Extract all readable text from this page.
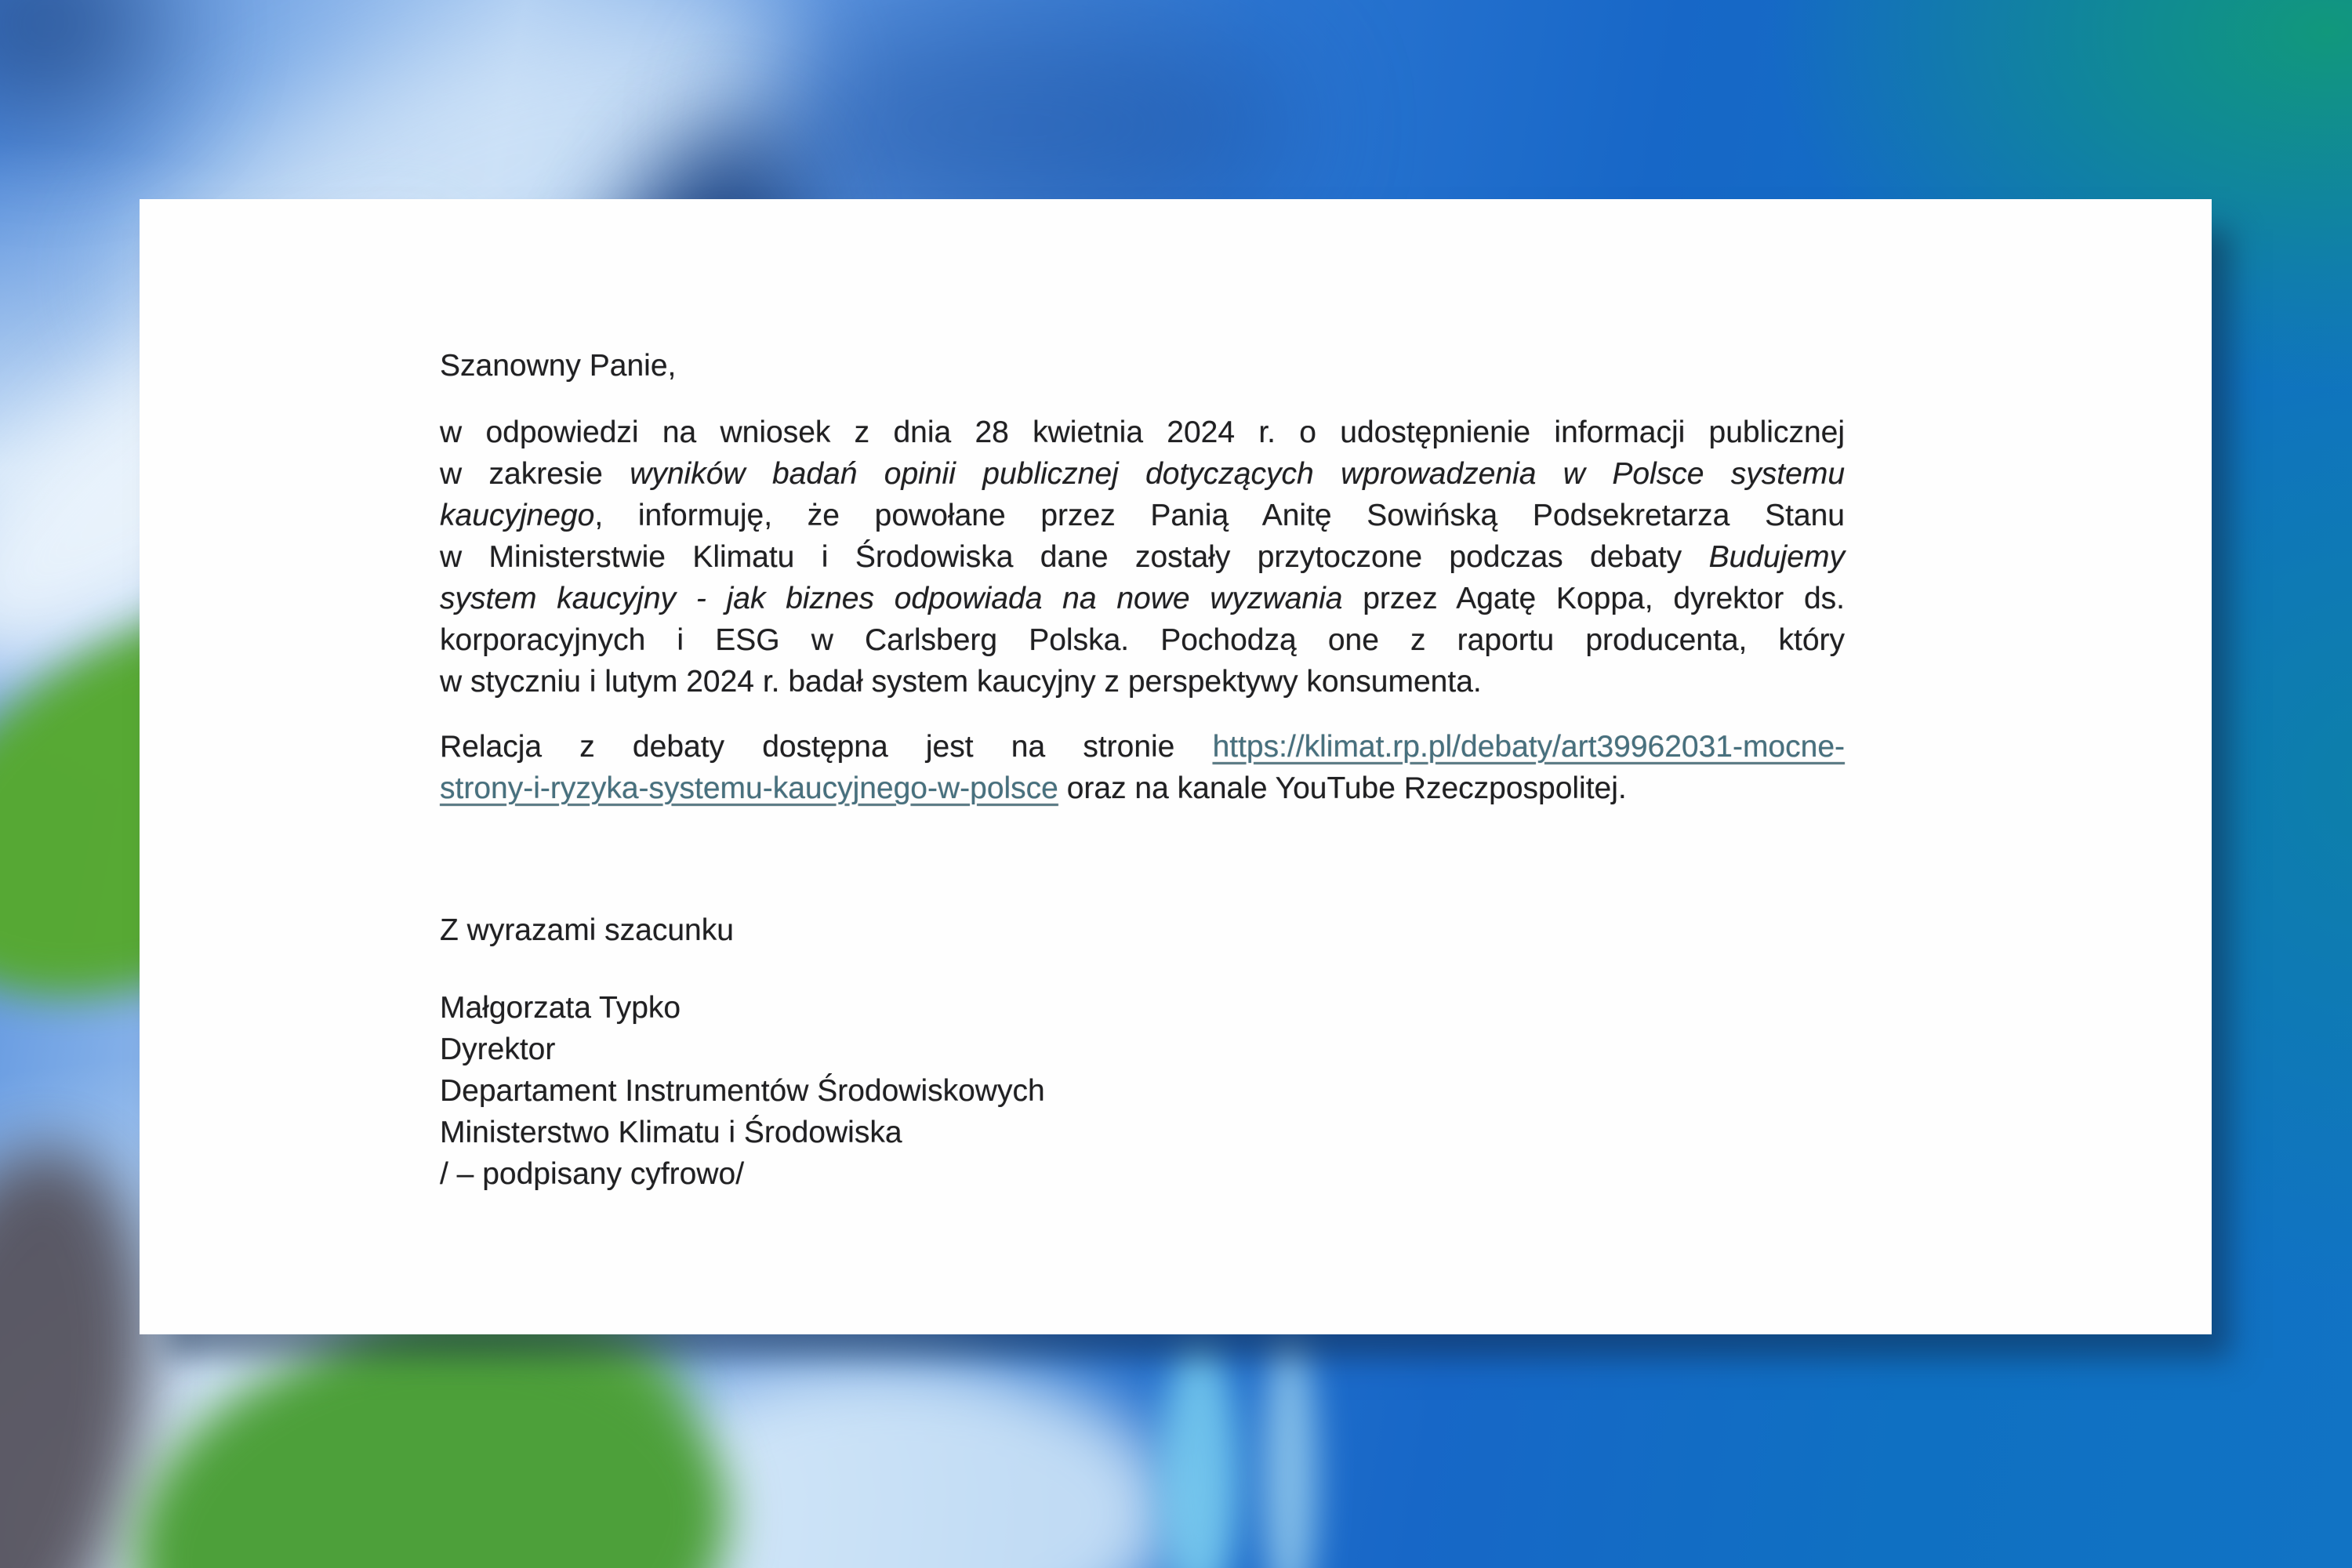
Szanowny Panie,

w odpowiedzi na wniosek z dnia 28 kwietnia 2024 r. o udostępnienie informacji publicznej
w zakresie wyników badań opinii publicznej dotyczących wprowadzenia w Polsce systemu
kaucyjnego, informuję, że powołane przez Panią Anitę Sowińską Podsekretarza Stanu
w Ministerstwie Klimatu i Środowiska dane zostały przytoczone podczas debaty Budujemy
system kaucyjny - jak biznes odpowiada na nowe wyzwania przez Agatę Koppa, dyrektor ds.
korporacyjnych i ESG w Carlsberg Polska. Pochodzą one z raportu producenta, który
w styczniu i lutym 2024 r. badał system kaucyjny z perspektywy konsumenta.
Relacja z debaty dostępna jest na stronie https://klimat.rp.pl/debaty/art39962031-mocne-
strony-i-ryzyka-systemu-kaucyjnego-w-polsce oraz na kanale YouTube Rzeczpospolitej.

Z wyrazami szacunku

Małgorzata Typko
Dyrektor
Departament Instrumentów Środowiskowych
Ministerstwo Klimatu i Środowiska
/ – podpisany cyfrowo/
